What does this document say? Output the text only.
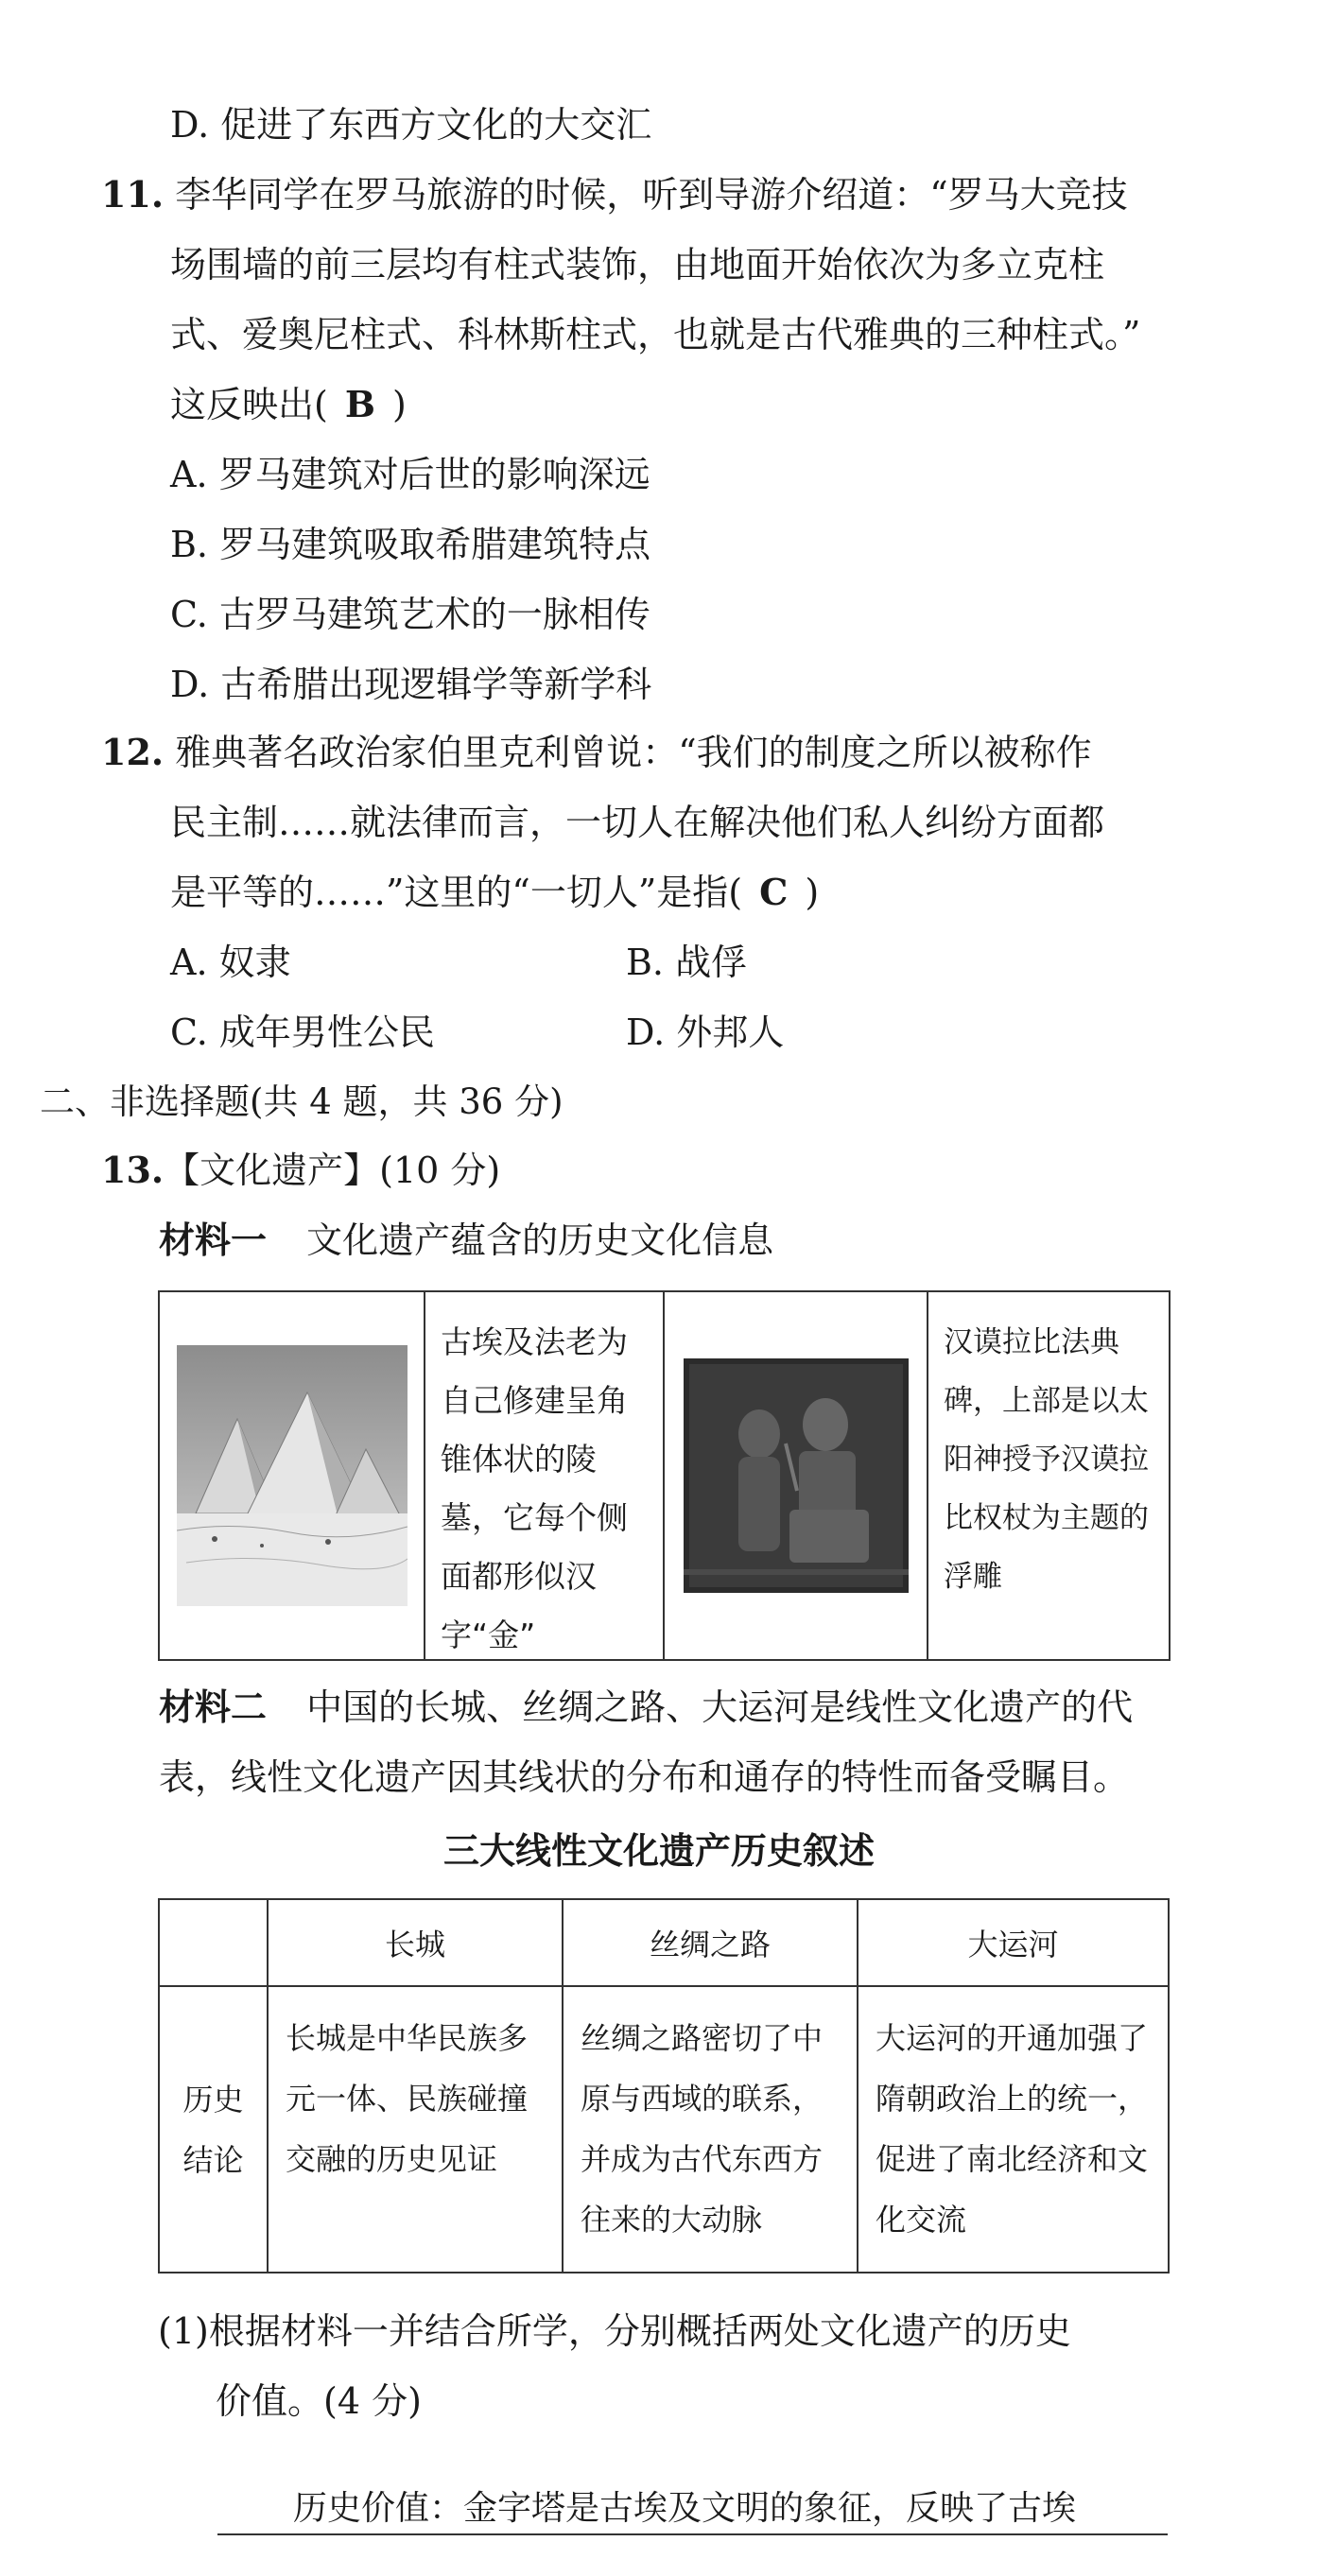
D. 促进了东西方文化的大交汇
11. 李华同学在罗马旅游的时候，听到导游介绍道：“罗马大竞技
场围墙的前三层均有柱式装饰，由地面开始依次为多立克柱
式、爱奥尼柱式、科林斯柱式，也就是古代雅典的三种柱式。”
这反映出( B )
A. 罗马建筑对后世的影响深远
B. 罗马建筑吸取希腊建筑特点
C. 古罗马建筑艺术的一脉相传
D. 古希腊出现逻辑学等新学科
12. 雅典著名政治家伯里克利曾说：“我们的制度之所以被称作
民主制……就法律而言，一切人在解决他们私人纠纷方面都
是平等的……”这里的“一切人”是指( C )
A. 奴隶	B. 战俘
C. 成年男性公民	D. 外邦人
二、非选择题(共 4 题，共 36 分)
13.【文化遗产】(10 分)
材料一 文化遗产蕴含的历史文化信息
古埃及法老为自己修建呈角锥体状的陵墓，它每个侧面都形似汉字“金”
汉谟拉比法典碑，上部是以太阳神授予汉谟拉比权杖为主题的浮雕
材料二 中国的长城、丝绸之路、大运河是线性文化遗产的代
表，线性文化遗产因其线状的分布和通存的特性而备受瞩目。
三大线性文化遗产历史叙述
	长城	丝绸之路	大运河
历史结论	长城是中华民族多元一体、民族碰撞交融的历史见证	丝绸之路密切了中原与西域的联系，并成为古代东西方往来的大动脉	大运河的开通加强了隋朝政治上的统一，促进了南北经济和文化交流
(1)根据材料一并结合所学，分别概括两处文化遗产的历史
价值。(4 分)
历史价值：金字塔是古埃及文明的象征，反映了古埃
